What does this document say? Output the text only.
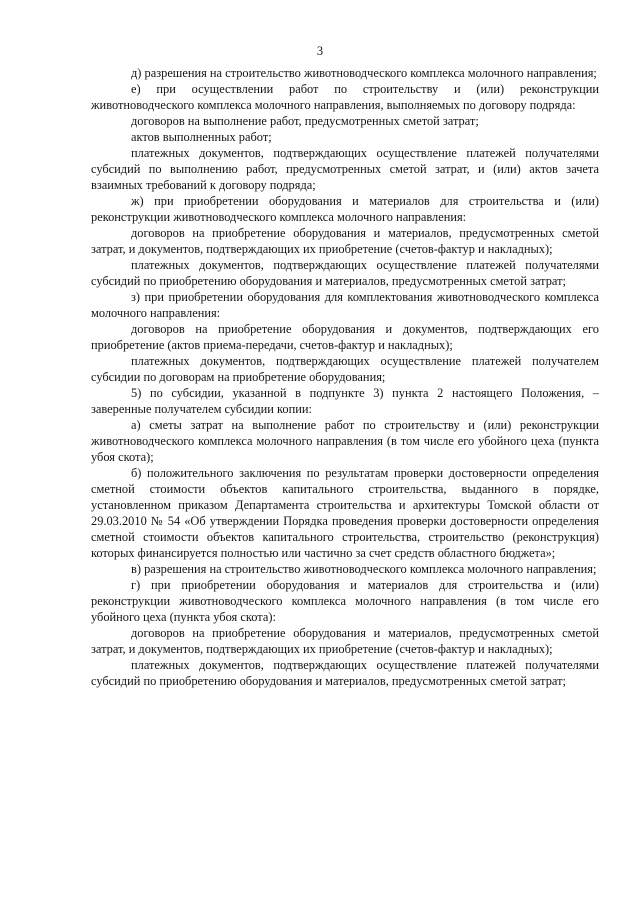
3

д) разрешения на строительство животноводческого комплекса молочного направления;

е) при осуществлении работ по строительству и (или) реконструкции животноводческого комплекса молочного направления, выполняемых по договору подряда:

договоров на выполнение работ, предусмотренных сметой затрат;

актов выполненных работ;

платежных документов, подтверждающих осуществление платежей получателями субсидий по выполнению работ, предусмотренных сметой затрат, и (или) актов зачета взаимных требований к договору подряда;

ж) при приобретении оборудования и материалов для строительства и (или) реконструкции животноводческого комплекса молочного направления:

договоров на приобретение оборудования и материалов, предусмотренных сметой затрат, и документов, подтверждающих их приобретение (счетов-фактур и накладных);

платежных документов, подтверждающих осуществление платежей получателями субсидий по приобретению оборудования и материалов, предусмотренных сметой затрат;

з) при приобретении оборудования для комплектования животноводческого комплекса молочного направления:

договоров на приобретение оборудования и документов, подтверждающих его приобретение (актов приема-передачи, счетов-фактур и накладных);

платежных документов, подтверждающих осуществление платежей получателем субсидии по договорам на приобретение оборудования;

5) по субсидии, указанной в подпункте 3) пункта 2 настоящего Положения, – заверенные получателем субсидии копии:

а) сметы затрат на выполнение работ по строительству и (или) реконструкции животноводческого комплекса молочного направления (в том числе его убойного цеха (пункта убоя скота);

б) положительного заключения по результатам проверки достоверности определения сметной стоимости объектов капитального строительства, выданного в порядке, установленном приказом Департамента строительства и архитектуры Томской области от 29.03.2010 № 54 «Об утверждении Порядка проведения проверки достоверности определения сметной стоимости объектов капитального строительства, строительство (реконструкция) которых финансируется полностью или частично за счет средств областного бюджета»;

в) разрешения на строительство животноводческого комплекса молочного направления;

г) при приобретении оборудования и материалов для строительства и (или) реконструкции животноводческого комплекса молочного направления (в том числе его убойного цеха (пункта убоя скота):

договоров на приобретение оборудования и материалов, предусмотренных сметой затрат, и документов, подтверждающих их приобретение (счетов-фактур и накладных);

платежных документов, подтверждающих осуществление платежей получателями субсидий по приобретению оборудования и материалов, предусмотренных сметой затрат;
